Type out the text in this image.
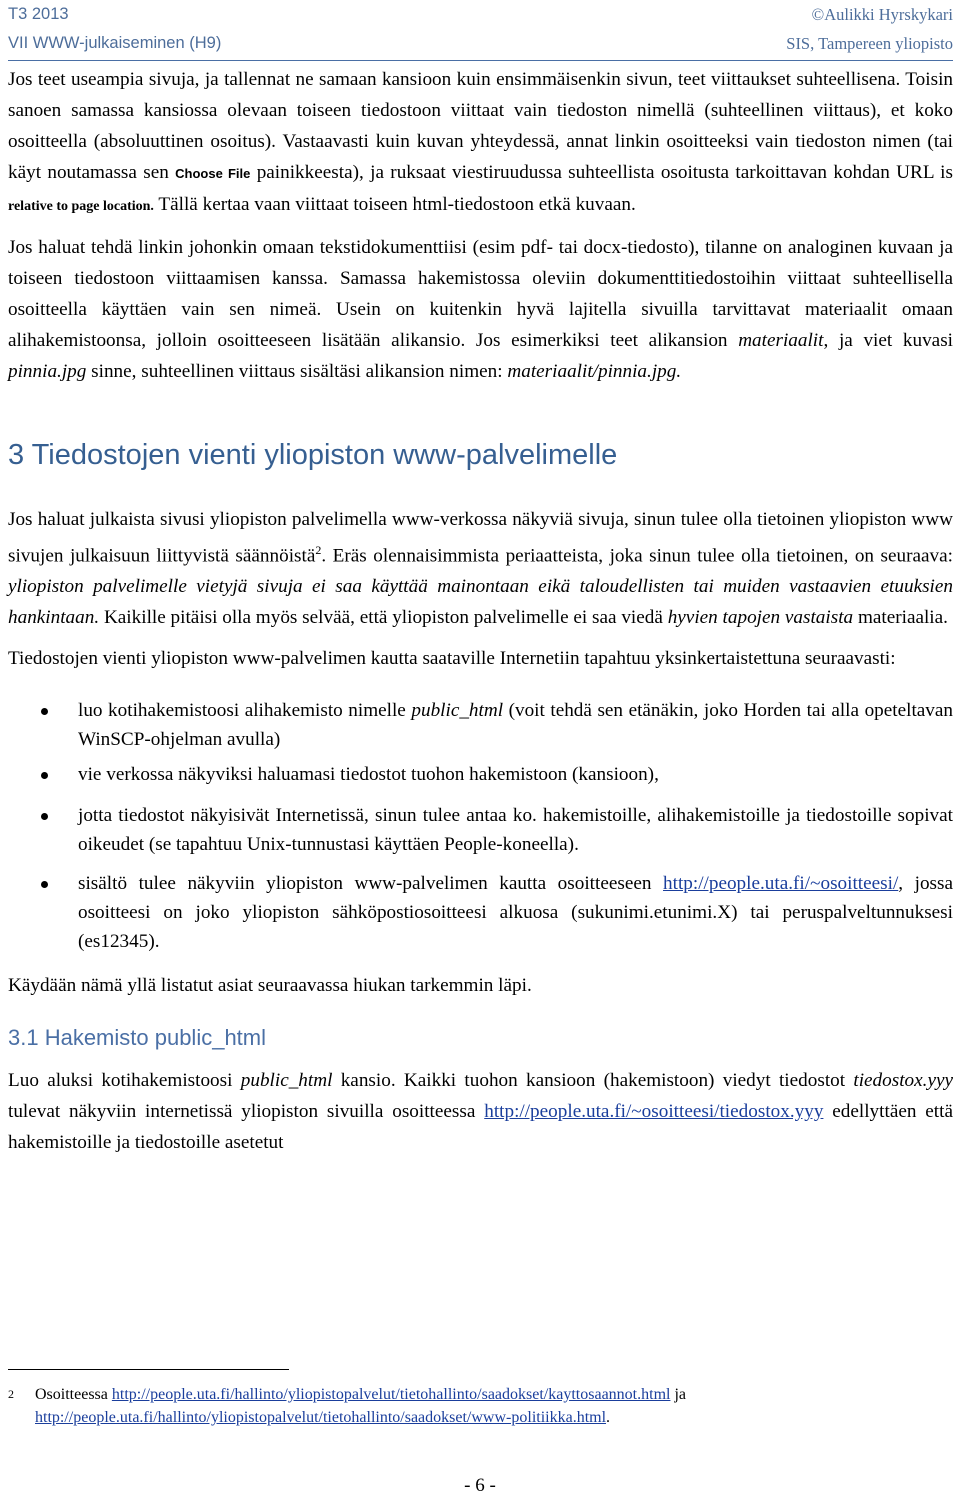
T3 2013
VII WWW-julkaiseminen (H9)
©Aulikki Hyrskykari
SIS, Tampereen yliopisto

Jos teet useampia sivuja, ja tallennat ne samaan kansioon kuin ensimmäisenkin sivun, teet viittaukset suhteellisena. Toisin sanoen samassa kansiossa olevaan toiseen tiedostoon viittaat vain tiedoston nimellä (suhteellinen viittaus), et koko osoitteella (absoluuttinen osoitus). Vastaavasti kuin kuvan yhteydessä, annat linkin osoitteeksi vain tiedoston nimen (tai käyt noutamassa sen Choose File painikkeesta), ja ruksaat viestiruudussa suhteellista osoitusta tarkoittavan kohdan URL is relative to page location. Tällä kertaa vaan viittaat toiseen html-tiedostoon etkä kuvaan.

Jos haluat tehdä linkin johonkin omaan tekstidokumenttiisi (esim pdf- tai docx-tiedosto), tilanne on analoginen kuvaan ja toiseen tiedostoon viittaamisen kanssa. Samassa hakemistossa oleviin dokumenttitiedostoihin viittaat suhteellisella osoitteella käyttäen vain sen nimeä. Usein on kuitenkin hyvä lajitella sivuilla tarvittavat materiaalit omaan alihakemistoonsa, jolloin osoitteeseen lisätään alikansio. Jos esimerkiksi teet alikansion materiaalit, ja viet kuvasi pinnia.jpg sinne, suhteellinen viittaus sisältäsi alikansion nimen: materiaalit/pinnia.jpg.

3 Tiedostojen vienti yliopiston www-palvelimelle

Jos haluat julkaista sivusi yliopiston palvelimella www-verkossa näkyviä sivuja, sinun tulee olla tietoinen yliopiston www sivujen julkaisuun liittyvistä säännöistä$^2$. Eräs olennaisimmista periaatteista, joka sinun tulee olla tietoinen, on seuraava: yliopiston palvelimelle vietyjä sivuja ei saa käyttää mainontaan eikä taloudellisten tai muiden vastaavien etuuksien hankintaan. Kaikille pitäisi olla myös selvää, että yliopiston palvelimelle ei saa viedä hyvien tapojen vastaista materiaalia.

Tiedostojen vienti yliopiston www-palvelimen kautta saataville Internetiin tapahtuu yksinkertaistettuna seuraavasti:

luo kotihakemistoosi alihakemisto nimelle public_html (voit tehdä sen etänäkin, joko Horden tai alla opeteltavan WinSCP-ohjelman avulla)
vie verkossa näkyviksi haluamasi tiedostot tuohon hakemistoon (kansioon),
jotta tiedostot näkyisivät Internetissä, sinun tulee antaa ko. hakemistoille, alihakemistoille ja tiedostoille sopivat oikeudet (se tapahtuu Unix-tunnustasi käyttäen People-koneella).
sisältö tulee näkyviin yliopiston www-palvelimen kautta osoitteeseen http://people.uta.fi/~osoitteesi/, jossa osoitteesi on joko yliopiston sähköpostiosoitteesi alkuosa (sukunimi.etunimi.X) tai peruspalveltunnuksesi (es12345).

Käydään nämä yllä listatut asiat seuraavassa hiukan tarkemmin läpi.

3.1 Hakemisto public_html

Luo aluksi kotihakemistoosi public_html kansio. Kaikki tuohon kansioon (hakemistoon) viedyt tiedostot tiedostox.yyy tulevat näkyviin internetissä yliopiston sivuilla osoitteessa http://people.uta.fi/~osoitteesi/tiedostox.yyy edellyttäen että hakemistoille ja tiedostoille asetetut

2 Osoitteessa http://people.uta.fi/hallinto/yliopistopalvelut/tietohallinto/saadokset/kayttosaannot.html ja http://people.uta.fi/hallinto/yliopistopalvelut/tietohallinto/saadokset/www-politiikka.html.
- 6 -
